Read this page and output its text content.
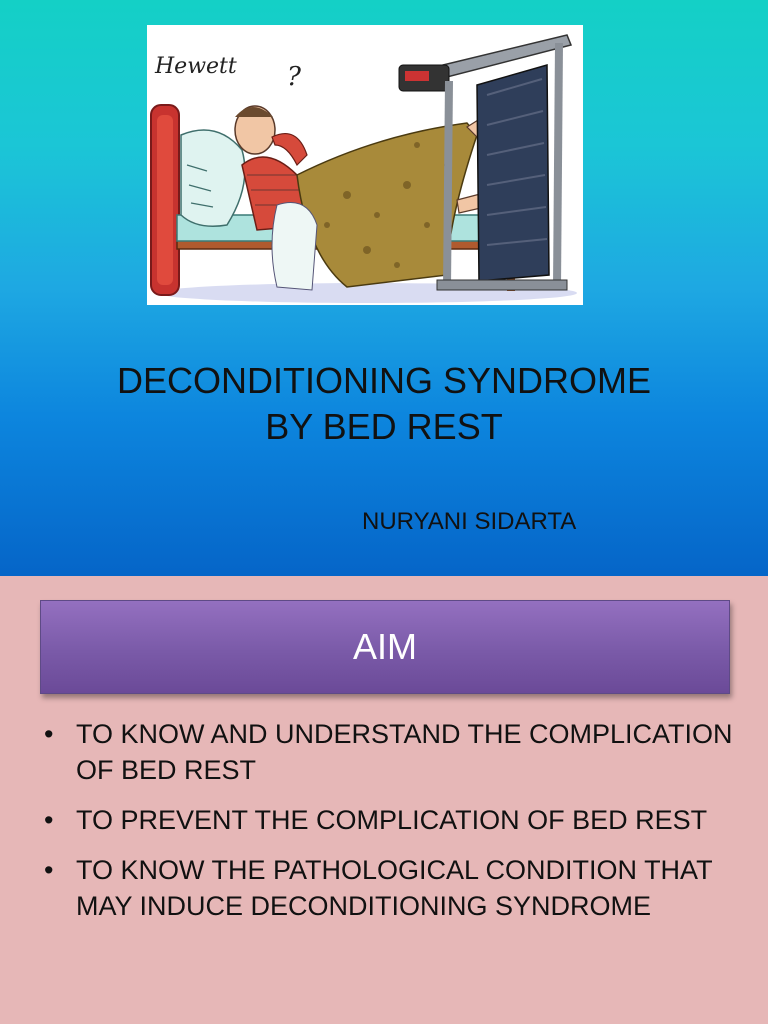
Hewett ?
DECONDITIONING SYNDROME
BY BED REST
NURYANI SIDARTA
AIM
• TO KNOW AND UNDERSTAND THE COMPLICATION OF BED REST
• TO PREVENT THE COMPLICATION OF BED REST
• TO KNOW THE PATHOLOGICAL CONDITION THAT MAY INDUCE DECONDITIONING SYNDROME
